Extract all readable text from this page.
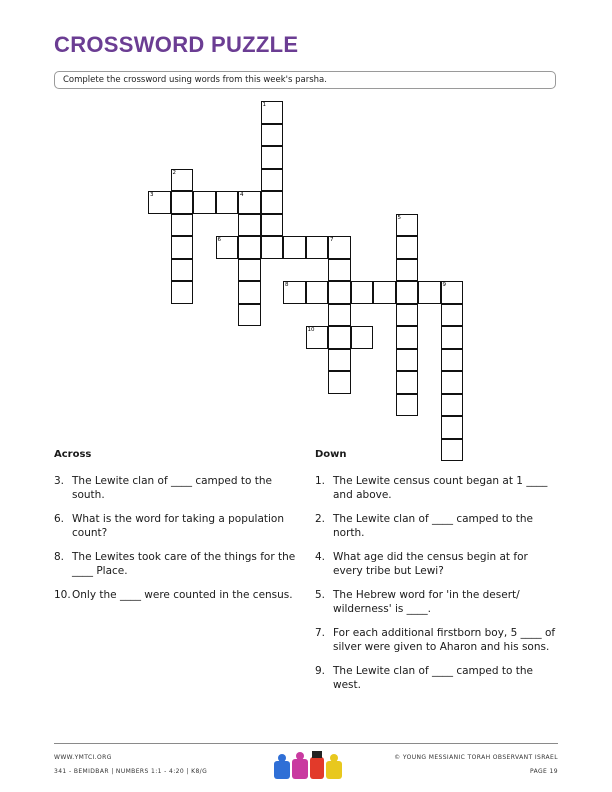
CROSSWORD PUZZLE
Complete the crossword using words from this week's parsha.
1
2
3	4
5
6	7
8	9
10
Across
3. The Lewite clan of ____ camped to the south.
6. What is the word for taking a population count?
8. The Lewites took care of the things for the ____ Place.
10. Only the ____ were counted in the census.
Down
1. The Lewite census count began at 1 ____ and above.
2. The Lewite clan of ____ camped to the north.
4. What age did the census begin at for every tribe but Lewi?
5. The Hebrew word for 'in the desert/ wilderness' is ____.
7. For each additional firstborn boy, 5 ____ of silver were given to Aharon and his sons.
9. The Lewite clan of ____ camped to the west.
WWW.YMTCI.ORG
341 - BEMIDBAR | NUMBERS 1:1 - 4:20 | K8/G
© YOUNG MESSIANIC TORAH OBSERVANT ISRAEL
PAGE 19
